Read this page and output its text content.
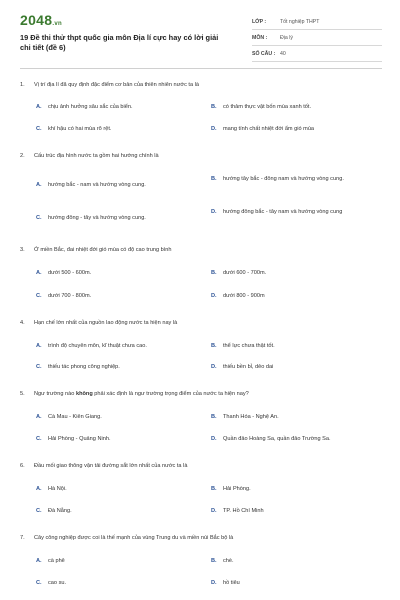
2048.vn
19 Đề thi thử thpt quốc gia môn Địa lí cực hay có lời giải chi tiết (đề 6)
LỚP :	Tốt nghiệp THPT
MÔN :	Địa lý
SỐ CÂU : 40
1.	Vị trí địa lí đã quy định đặc điểm cơ bản của thiên nhiên nước ta là
A.	chịu ảnh hưởng sâu sắc của biển.	B.	có thảm thực vật bốn mùa xanh tốt.
C.	khí hậu có hai mùa rõ rệt.	D.	mang tính chất nhiệt đới ẩm gió mùa
2.	Cấu trúc địa hình nước ta gồm hai hướng chính là
A.	hướng bắc - nam và hướng vòng cung.
B.	hướng tây bắc - đông nam và hướng vòng cung.
C.	hướng đông - tây và hướng vòng cung.
D.	hướng đông bắc - tây nam và hướng vòng cung
3.	Ở miền Bắc, đai nhiệt đới gió mùa có độ cao trung bình
A.	dưới 500 - 600m.	B.	dưới 600 - 700m.
C.	dưới 700 - 800m.	D.	dưới 800 - 900m
4.	Hạn chế lớn nhất của nguồn lao động nước ta hiện nay là
A.	trình độ chuyên môn, kĩ thuật chưa cao.	B.	thể lực chưa thật tốt.
C.	thiếu tác phong công nghiệp.	D.	thiếu bền bỉ, dẻo dai
5.	Ngư trường nào không phải xác định là ngư trường trọng điểm của nước ta hiện nay?
A.	Cà Mau - Kiên Giang.	B.	Thanh Hóa - Nghệ An.
C.	Hải Phòng - Quảng Ninh.	D.	Quần đảo Hoàng Sa, quần đảo Trường Sa.
6.	Đầu mối giao thông vận tải đường sắt lớn nhất của nước ta là
A.	Hà Nội.	B.	Hải Phòng.
C.	Đà Nẵng.	D.	TP. Hồ Chí Minh
7.	Cây công nghiệp được coi là thế mạnh của vùng Trung du và miền núi Bắc bộ là
A.	cà phê	B.	chè.
C.	cao su.	D.	hồ tiêu
